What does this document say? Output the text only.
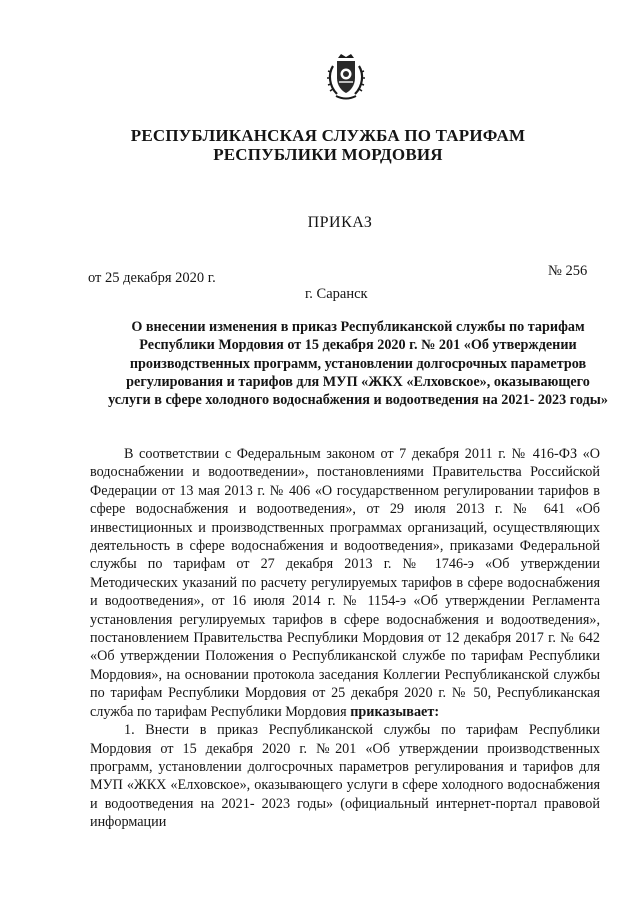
РЕСПУБЛИКАНСКАЯ СЛУЖБА ПО ТАРИФАМ
РЕСПУБЛИКИ МОРДОВИЯ
ПРИКАЗ
от 25 декабря 2020 г.	№ 256
г. Саранск
О внесении изменения в приказ Республиканской службы по тарифам Республики Мордовия от 15 декабря 2020 г. № 201 «Об утверждении производственных программ, установлении долгосрочных параметров регулирования и тарифов для МУП «ЖКХ «Елховское», оказывающего услуги в сфере холодного водоснабжения и водоотведения на 2021- 2023 годы»

В соответствии с Федеральным законом от 7 декабря 2011 г. № 416-ФЗ «О водоснабжении и водоотведении», постановлениями Правительства Российской Федерации от 13 мая 2013 г. № 406 «О государственном регулировании тарифов в сфере водоснабжения и водоотведения», от 29 июля 2013 г. № 641 «Об инвестиционных и производственных программах организаций, осуществляющих деятельность в сфере водоснабжения и водоотведения», приказами Федеральной службы по тарифам от 27 декабря 2013 г. № 1746-э «Об утверждении Методических указаний по расчету регулируемых тарифов в сфере водоснабжения и водоотведения», от 16 июля 2014 г. № 1154-э «Об утверждении Регламента установления регулируемых тарифов в сфере водоснабжения и водоотведения», постановлением Правительства Республики Мордовия от 12 декабря 2017 г. № 642 «Об утверждении Положения о Республиканской службе по тарифам Республики Мордовия», на основании протокола заседания Коллегии Республиканской службы по тарифам Республики Мордовия от 25 декабря 2020 г. № 50, Республиканская служба по тарифам Республики Мордовия приказывает:

1. Внести в приказ Республиканской службы по тарифам Республики Мордовия от 15 декабря 2020 г. №201 «Об утверждении производственных программ, установлении долгосрочных параметров регулирования и тарифов для МУП «ЖКХ «Елховское», оказывающего услуги в сфере холодного водоснабжения и водоотведения на 2021- 2023 годы» (официальный интернет-портал правовой информации
